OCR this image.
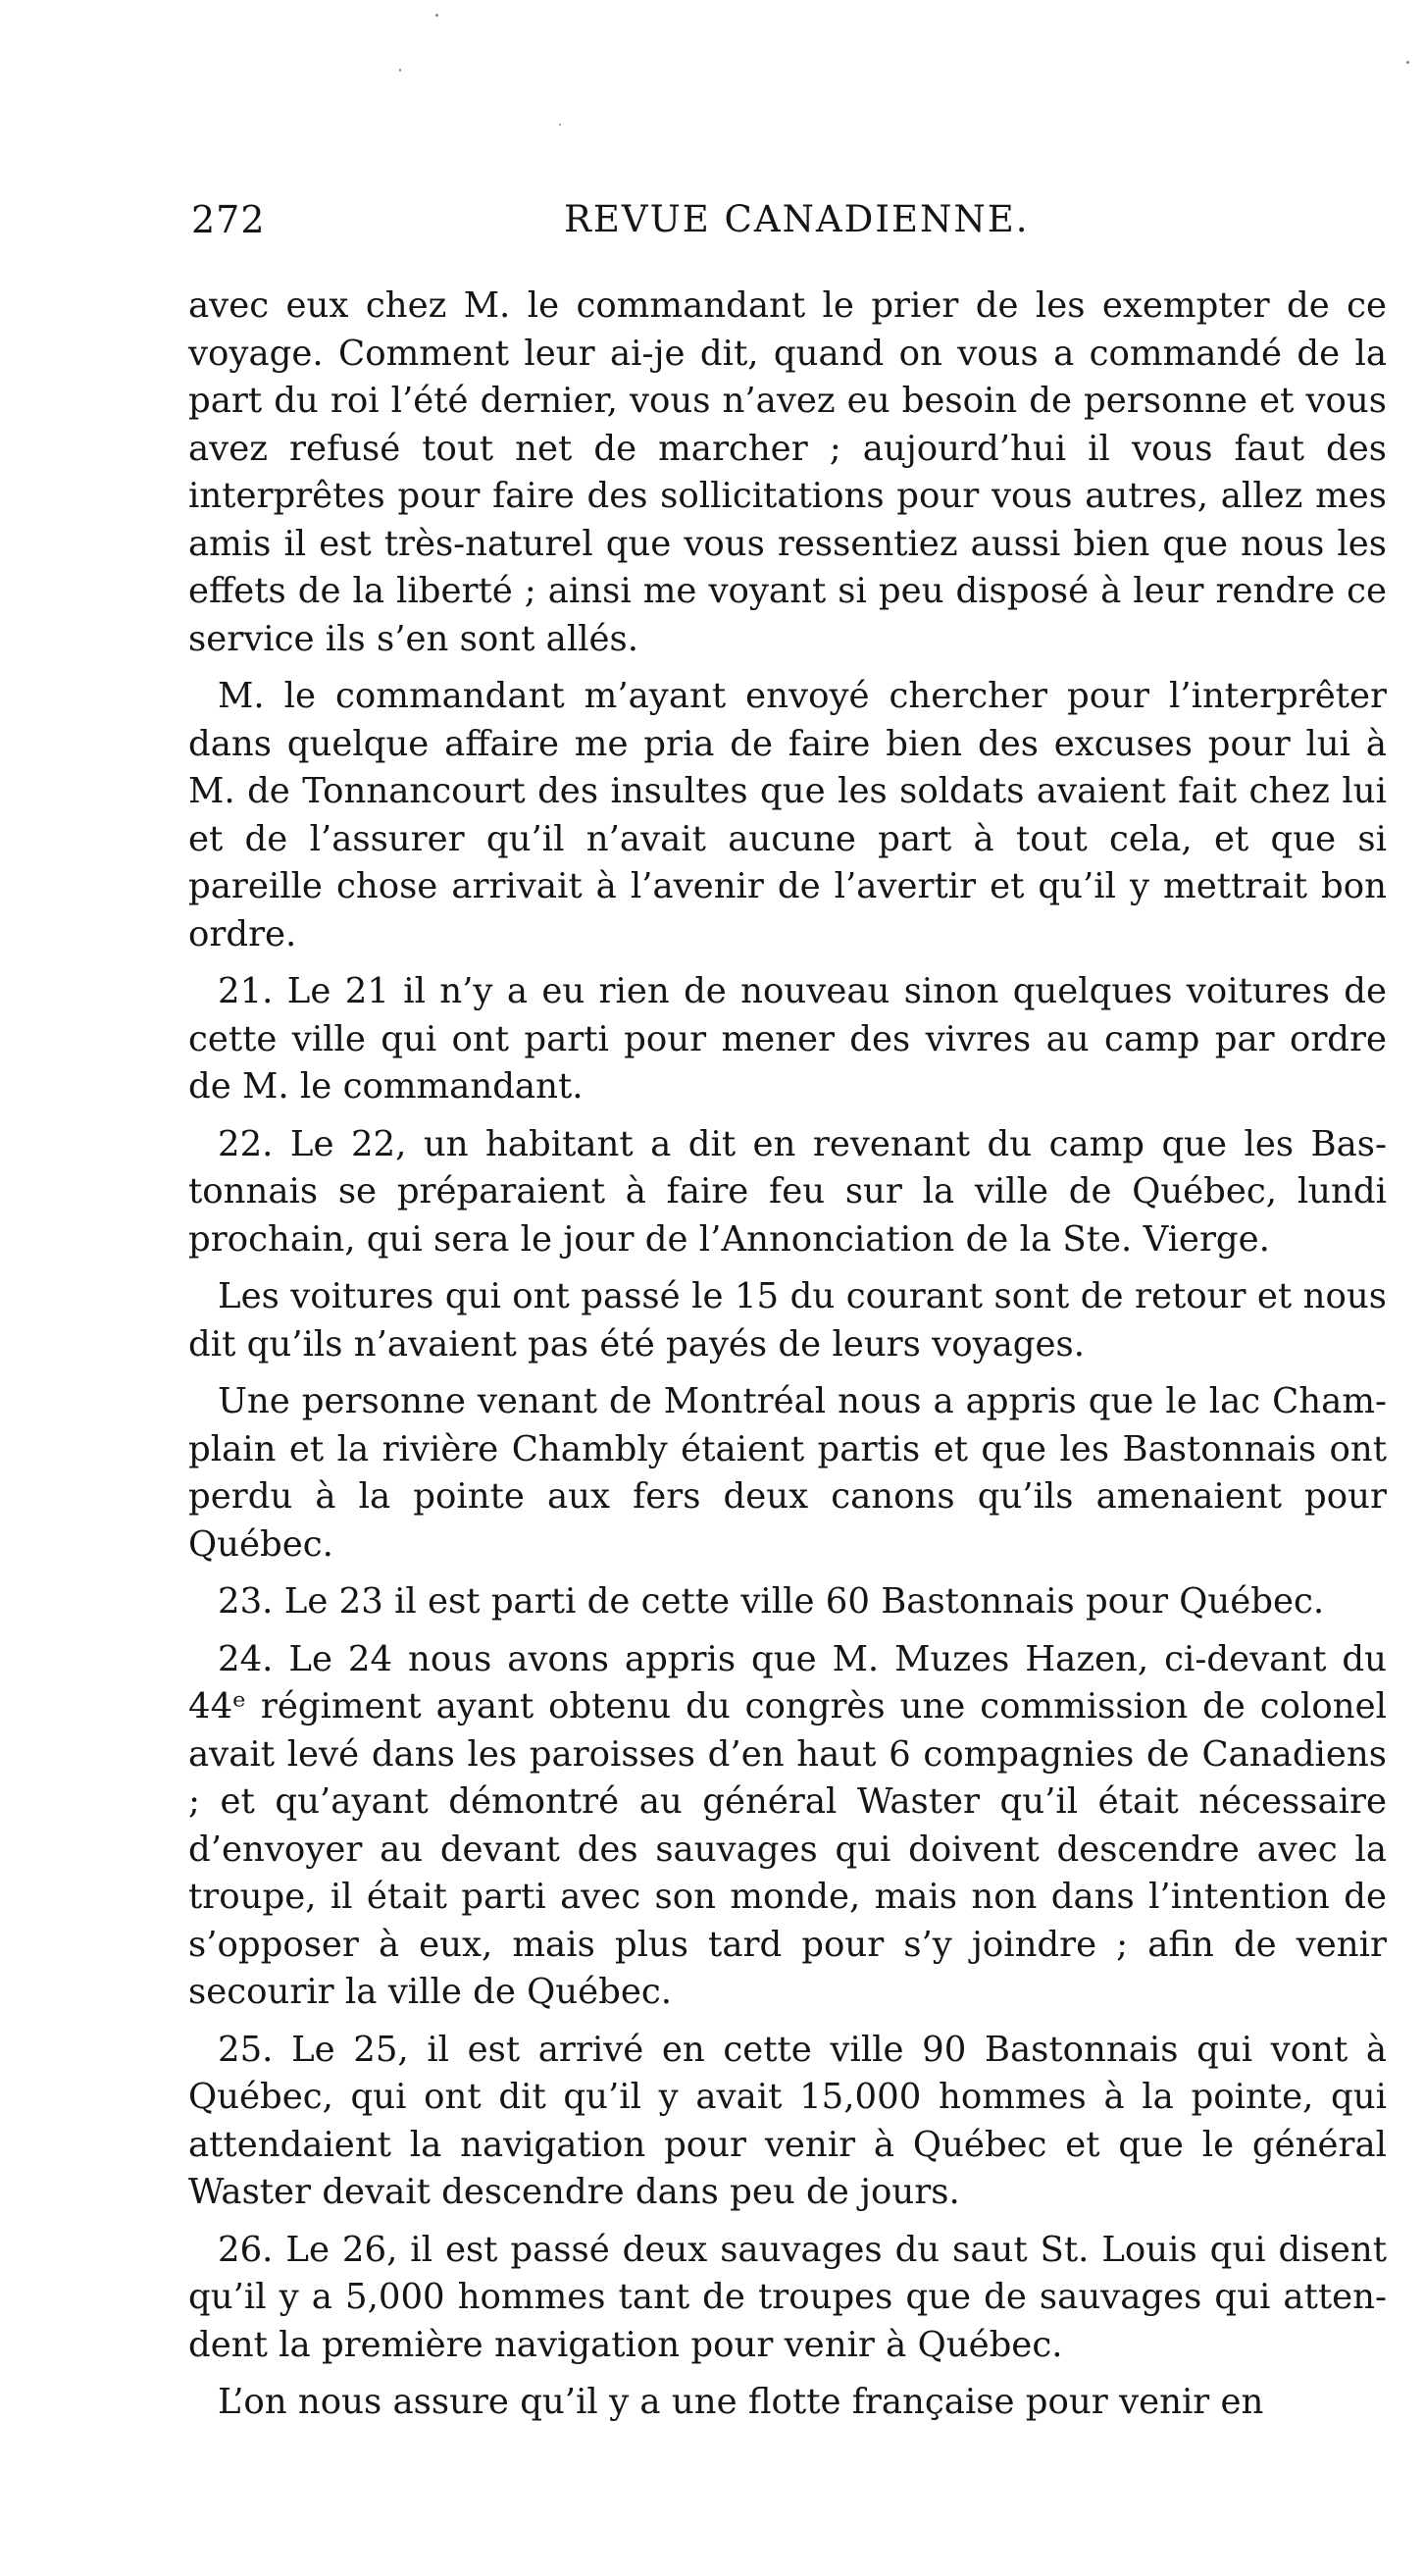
272	REVUE CANADIENNE.

avec eux chez M. le commandant le prier de les exempter de ce voyage. Comment leur ai-je dit, quand on vous a commandé de la part du roi l’été dernier, vous n’avez eu besoin de personne et vous avez refusé tout net de marcher ; aujourd’hui il vous faut des interprêtes pour faire des sollicitations pour vous autres, allez mes amis il est très-naturel que vous ressentiez aussi bien que nous les effets de la liberté ; ainsi me voyant si peu disposé à leur rendre ce service ils s’en sont allés.

M. le commandant m’ayant envoyé chercher pour l’interprêter dans quelque affaire me pria de faire bien des excuses pour lui à M. de Tonnancourt des insultes que les soldats avaient fait chez lui et de l’assurer qu’il n’avait aucune part à tout cela, et que si pareille chose arrivait à l’avenir de l’avertir et qu’il y mettrait bon ordre.

21. Le 21 il n’y a eu rien de nouveau sinon quelques voitures de cette ville qui ont parti pour mener des vivres au camp par ordre de M. le commandant.

22. Le 22, un habitant a dit en revenant du camp que les Bastonnais se préparaient à faire feu sur la ville de Québec, lundi prochain, qui sera le jour de l’Annonciation de la Ste. Vierge.

Les voitures qui ont passé le 15 du courant sont de retour et nous dit qu’ils n’avaient pas été payés de leurs voyages.

Une personne venant de Montréal nous a appris que le lac Champlain et la rivière Chambly étaient partis et que les Bastonnais ont perdu à la pointe aux fers deux canons qu’ils amenaient pour Québec.

23. Le 23 il est parti de cette ville 60 Bastonnais pour Québec.

24. Le 24 nous avons appris que M. Muzes Hazen, ci-devant du 44ᵉ régiment ayant obtenu du congrès une commission de colonel avait levé dans les paroisses d’en haut 6 compagnies de Canadiens ; et qu’ayant démontré au général Waster qu’il était nécessaire d’envoyer au devant des sauvages qui doivent descendre avec la troupe, il était parti avec son monde, mais non dans l’intention de s’opposer à eux, mais plus tard pour s’y joindre ; afin de venir secourir la ville de Québec.

25. Le 25, il est arrivé en cette ville 90 Bastonnais qui vont à Québec, qui ont dit qu’il y avait 15,000 hommes à la pointe, qui attendaient la navigation pour venir à Québec et que le général Waster devait descendre dans peu de jours.

26. Le 26, il est passé deux sauvages du saut St. Louis qui disent qu’il y a 5,000 hommes tant de troupes que de sauvages qui attendent la première navigation pour venir à Québec.

L’on nous assure qu’il y a une flotte française pour venir en
